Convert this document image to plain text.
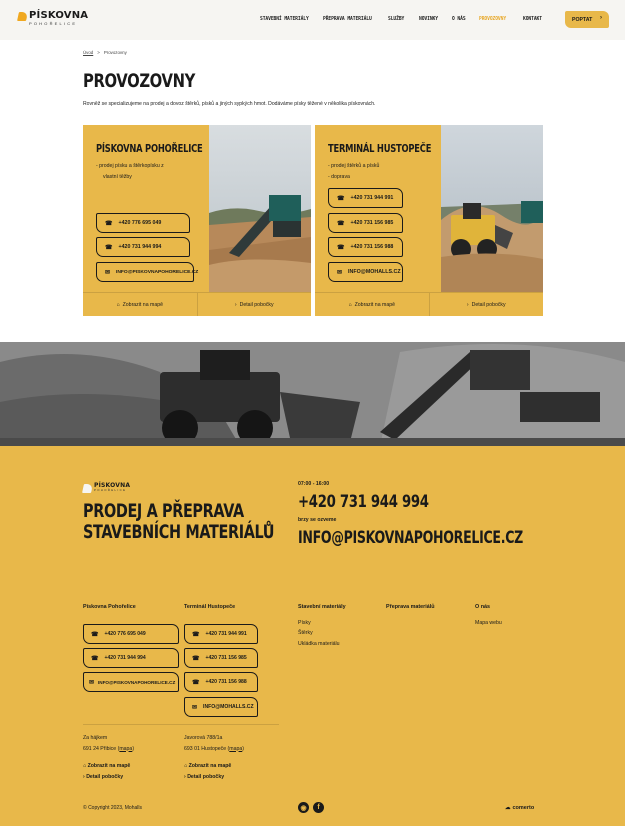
PÍSKOVNA
POHOŘELICE
STAVEBNÍ MATERIÁLY	PŘEPRAVA MATERIÁLU	SLUŽBY	NOVINKY	O NÁS PROVOZOVNY	KONTAKT	POPTAT ›
Úvod > Provozovny
PROVOZOVNY

Rovněž se specializujeme na prodej a dovoz štěrků, písků a jiných sypkých hmot. Dodáváme písky těžené v několika pískovnách.

PÍSKOVNA POHOŘELICE
- prodej písku a štěrkopísku z
vlastní těžby
☎ +420 776 695 049
☎ +420 731 944 994
✉ INFO@PISKOVNAPOHORELICE.CZ
⌂ Zobrazit na mapě	› Detail pobočky
TERMINÁL HUSTOPEČE
- prodej štěrků a písků
- doprava
☎ +420 731 944 991
☎ +420 731 156 985
☎ +420 731 156 988
✉ INFO@MOHALLS.CZ
⌂ Zobrazit na mapě	› Detail pobočky
PÍSKOVNA
POHOŘELICE
PRODEJ A PŘEPRAVA
STAVEBNÍCH MATERIÁLŮ
07:00 - 16:00
+420 731 944 994
brzy se ozveme
INFO@PISKOVNAPOHORELICE.CZ
Pískovna Pohořelice
☎ +420 776 695 049
☎ +420 731 944 994
✉ INFO@PISKOVNAPOHORELICE.CZ
Terminál Hustopeče
☎ +420 731 944 991
☎ +420 731 156 985
☎ +420 731 156 988
✉ INFO@MOHALLS.CZ
Stavební materiály
Písky
Štěrky
Ukládka materiálu
Přeprava materiálů	O nás
Mapa webu
Za hájkem
691 24 Přibice (mapa)
Javorová 788/1a
693 01 Hustopeče (mapa)
⌂ Zobrazit na mapě
› Detail pobočky
⌂ Zobrazit na mapě
› Detail pobočky
© Copyright 2023, Mohalls	◉	f	☁ comerto
